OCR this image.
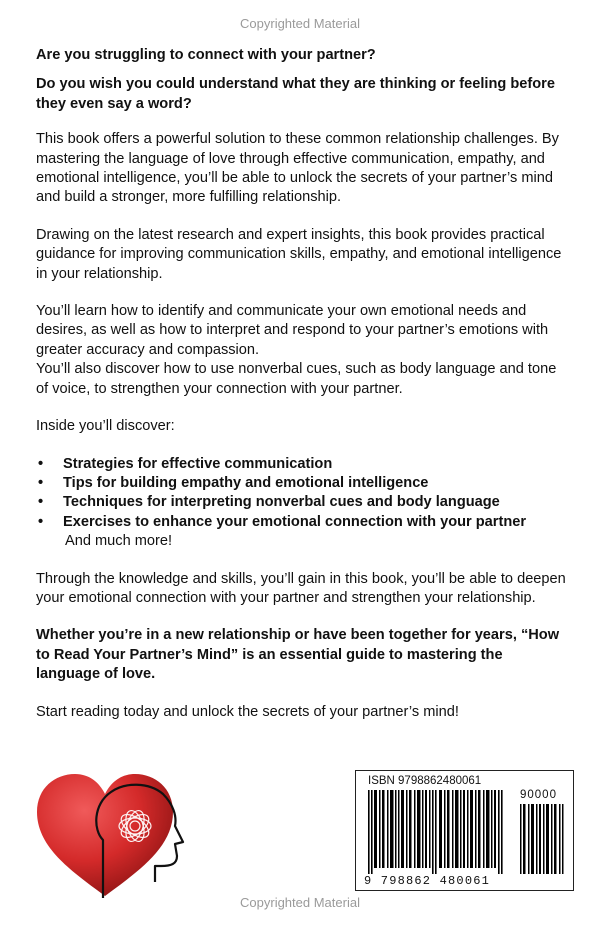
Copyrighted Material

Are you struggling to connect with your partner?

Do you wish you could understand what they are thinking or feeling before they even say a word?

This book offers a powerful solution to these common relationship challenges. By mastering the language of love through effective communication, empathy, and emotional intelligence, you’ll be able to unlock the secrets of your partner’s mind and build a stronger, more fulfilling relationship.

Drawing on the latest research and expert insights, this book provides practical guidance for improving communication skills, empathy, and emotional intelligence in your relationship.

You’ll learn how to identify and communicate your own emotional needs and desires, as well as how to interpret and respond to your partner’s emotions with greater accuracy and compassion.

You’ll also discover how to use nonverbal cues, such as body language and tone of voice, to strengthen your connection with your partner.

Inside you’ll discover:

• Strategies for effective communication
• Tips for building empathy and emotional intelligence
• Techniques for interpreting nonverbal cues and body language
• Exercises to enhance your emotional connection with your partner

And much more!

Through the knowledge and skills, you’ll gain in this book, you’ll be able to deepen your emotional connection with your partner and strengthen your relationship.

Whether you’re in a new relationship or have been together for years, “How to Read Your Partner’s Mind” is an essential guide to mastering the language of love.

Start reading today and unlock the secrets of your partner’s mind!

ISBN 9798862480061
90000
9 798862 480061
Copyrighted Material
